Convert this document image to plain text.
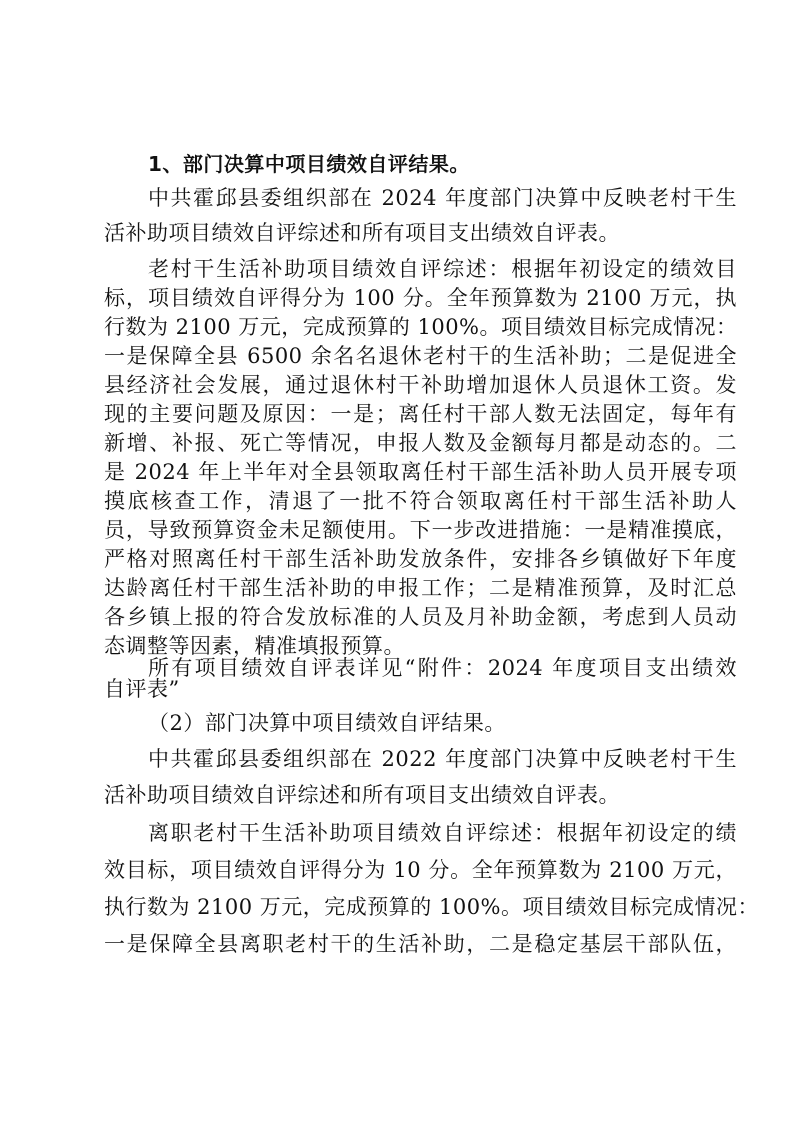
1、部门决算中项目绩效自评结果。

中共霍邱县委组织部在 2024 年度部门决算中反映老村干生

活补助项目绩效自评综述和所有项目支出绩效自评表。

老村干生活补助项目绩效自评综述：根据年初设定的绩效目

标，项目绩效自评得分为 100 分。全年预算数为 2100 万元，执

行数为 2100 万元，完成预算的 100%。项目绩效目标完成情况：

一是保障全县 6500 余名名退休老村干的生活补助；二是促进全

县经济社会发展，通过退休村干补助增加退休人员退休工资。发

现的主要问题及原因：一是；离任村干部人数无法固定，每年有

新增、补报、死亡等情况，申报人数及金额每月都是动态的。二

是 2024 年上半年对全县领取离任村干部生活补助人员开展专项

摸底核查工作，清退了一批不符合领取离任村干部生活补助人

员，导致预算资金未足额使用。下一步改进措施：一是精准摸底，

严格对照离任村干部生活补助发放条件，安排各乡镇做好下年度

达龄离任村干部生活补助的申报工作；二是精准预算，及时汇总

各乡镇上报的符合发放标准的人员及月补助金额，考虑到人员动

态调整等因素，精准填报预算。

所有项目绩效自评表详见“附件：2024 年度项目支出绩效

自评表”

（2）部门决算中项目绩效自评结果。

中共霍邱县委组织部在 2022 年度部门决算中反映老村干生

活补助项目绩效自评综述和所有项目支出绩效自评表。

离职老村干生活补助项目绩效自评综述：根据年初设定的绩

效目标，项目绩效自评得分为 10 分。全年预算数为 2100 万元，

执行数为 2100 万元，完成预算的 100%。项目绩效目标完成情况：

一是保障全县离职老村干的生活补助，二是稳定基层干部队伍，
